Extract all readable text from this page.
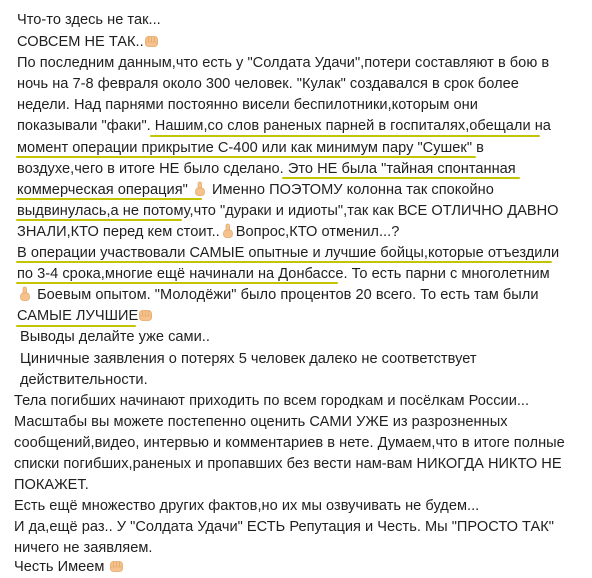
Что-то здесь не так...
СОВСЕМ НЕ ТАК..
По последним данным,что есть у "Солдата Удачи",потери составляют в бою в
ночь на 7-8 февраля около 300 человек. "Кулак" создавался в срок более
недели. Над парнями постоянно висели беспилотники,которым они
показывали "факи". Нашим,со слов раненых парней в госпиталях,обещали на
момент операции прикрытие С-400 или как минимум пару "Сушек" в
воздухе,чего в итоге НЕ было сделано. Это НЕ была "тайная спонтанная
коммерческая операция" Именно ПОЭТОМУ колонна так спокойно
выдвинулась,а не потому,что "дураки и идиоты",так как ВСЕ ОТЛИЧНО ДАВНО
ЗНАЛИ,КТО перед кем стоит.. Вопрос,КТО отменил...?
В операции участвовали САМЫЕ опытные и лучшие бойцы,которые отъездили
по 3-4 срока,многие ещё начинали на Донбассе. То есть парни с многолетним
Боевым опытом. "Молодёжи" было процентов 20 всего. То есть там были
САМЫЕ ЛУЧШИЕ
Выводы делайте уже сами..
Циничные заявления о потерях 5 человек далеко не соответствует
действительности.
Тела погибших начинают приходить по всем городкам и посёлкам России...
Масштабы вы можете постепенно оценить САМИ УЖЕ из разрозненных
сообщений,видео, интервью и комментариев в нете. Думаем,что в итоге полные
списки погибших,раненых и пропавших без вести нам-вам НИКОГДА НИКТО НЕ
ПОКАЖЕТ.
Есть ещё множество других фактов,но их мы озвучивать не будем...
И да,ещё раз.. У "Солдата Удачи" ЕСТЬ Репутация и Честь. Мы "ПРОСТО ТАК"
ничего не заявляем.
Честь Имеем
